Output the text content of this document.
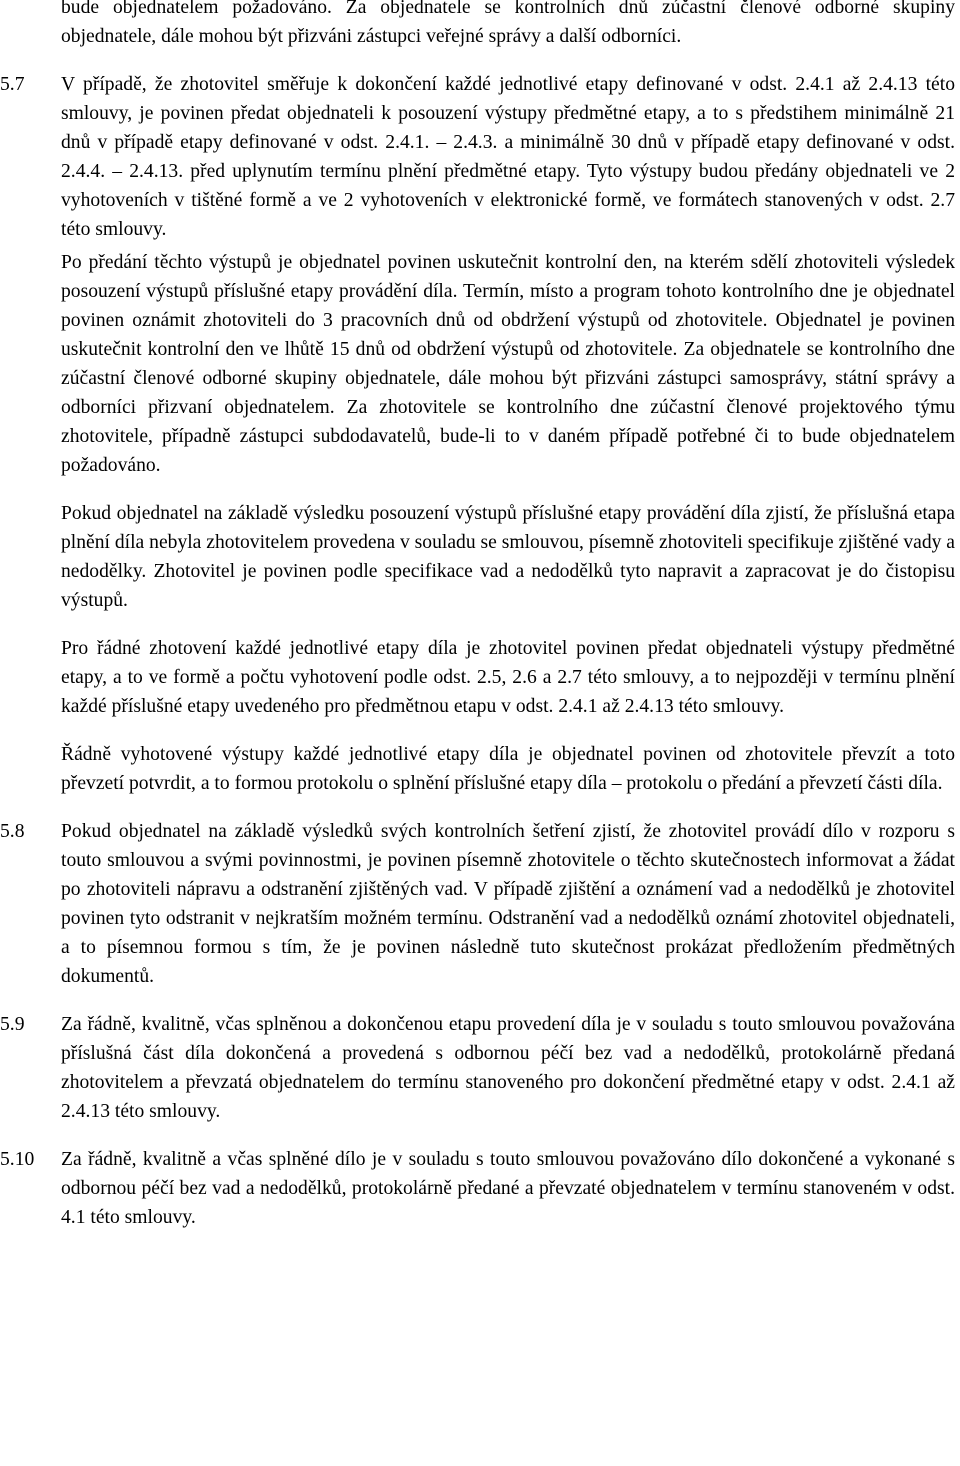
bude objednatelem požadováno. Za objednatele se kontrolních dnů zúčastní členové odborné skupiny objednatele, dále mohou být přizváni zástupci veřejné správy a další odborníci.
5.7	V případě, že zhotovitel směřuje k dokončení každé jednotlivé etapy definované v odst. 2.4.1 až 2.4.13 této smlouvy, je povinen předat objednateli k posouzení výstupy předmětné etapy, a to s předstihem minimálně 21 dnů v případě etapy definované v odst. 2.4.1. – 2.4.3. a minimálně 30 dnů v případě etapy definované v odst. 2.4.4. – 2.4.13. před uplynutím termínu plnění předmětné etapy. Tyto výstupy budou předány objednateli ve 2 vyhotoveních v tištěné formě a ve 2 vyhotoveních v elektronické formě, ve formátech stanovených v odst. 2.7 této smlouvy.
Po předání těchto výstupů je objednatel povinen uskutečnit kontrolní den, na kterém sdělí zhotoviteli výsledek posouzení výstupů příslušné etapy provádění díla. Termín, místo a program tohoto kontrolního dne je objednatel povinen oznámit zhotoviteli do 3 pracovních dnů od obdržení výstupů od zhotovitele. Objednatel je povinen uskutečnit kontrolní den ve lhůtě 15 dnů od obdržení výstupů od zhotovitele. Za objednatele se kontrolního dne zúčastní členové odborné skupiny objednatele, dále mohou být přizváni zástupci samosprávy, státní správy a odborníci přizvaní objednatelem. Za zhotovitele se kontrolního dne zúčastní členové projektového týmu zhotovitele, případně zástupci subdodavatelů, bude-li to v daném případě potřebné či to bude objednatelem požadováno.
Pokud objednatel na základě výsledku posouzení výstupů příslušné etapy provádění díla zjistí, že příslušná etapa plnění díla nebyla zhotovitelem provedena v souladu se smlouvou, písemně zhotoviteli specifikuje zjištěné vady a nedodělky. Zhotovitel je povinen podle specifikace vad a nedodělků tyto napravit a zapracovat je do čistopisu výstupů.
Pro řádné zhotovení každé jednotlivé etapy díla je zhotovitel povinen předat objednateli výstupy předmětné etapy, a to ve formě a počtu vyhotovení podle odst. 2.5, 2.6 a 2.7 této smlouvy, a to nejpozději v termínu plnění každé příslušné etapy uvedeného pro předmětnou etapu v odst. 2.4.1 až 2.4.13 této smlouvy.
Řádně vyhotovené výstupy každé jednotlivé etapy díla je objednatel povinen od zhotovitele převzít a toto převzetí potvrdit, a to formou protokolu o splnění příslušné etapy díla – protokolu o předání a převzetí části díla.
5.8	Pokud objednatel na základě výsledků svých kontrolních šetření zjistí, že zhotovitel provádí dílo v rozporu s touto smlouvou a svými povinnostmi, je povinen písemně zhotovitele o těchto skutečnostech informovat a žádat po zhotoviteli nápravu a odstranění zjištěných vad. V případě zjištění a oznámení vad a nedodělků je zhotovitel povinen tyto odstranit v nejkratším možném termínu. Odstranění vad a nedodělků oznámí zhotovitel objednateli, a to písemnou formou s tím, že je povinen následně tuto skutečnost prokázat předložením předmětných dokumentů.
5.9	Za řádně, kvalitně, včas splněnou a dokončenou etapu provedení díla je v souladu s touto smlouvou považována příslušná část díla dokončená a provedená s odbornou péčí bez vad a nedodělků, protokolárně předaná zhotovitelem a převzatá objednatelem do termínu stanoveného pro dokončení předmětné etapy v odst. 2.4.1 až 2.4.13 této smlouvy.
5.10	Za řádně, kvalitně a včas splněné dílo je v souladu s touto smlouvou považováno dílo dokončené a vykonané s odbornou péčí bez vad a nedodělků, protokolárně předané a převzaté objednatelem v termínu stanoveném v odst. 4.1 této smlouvy.
